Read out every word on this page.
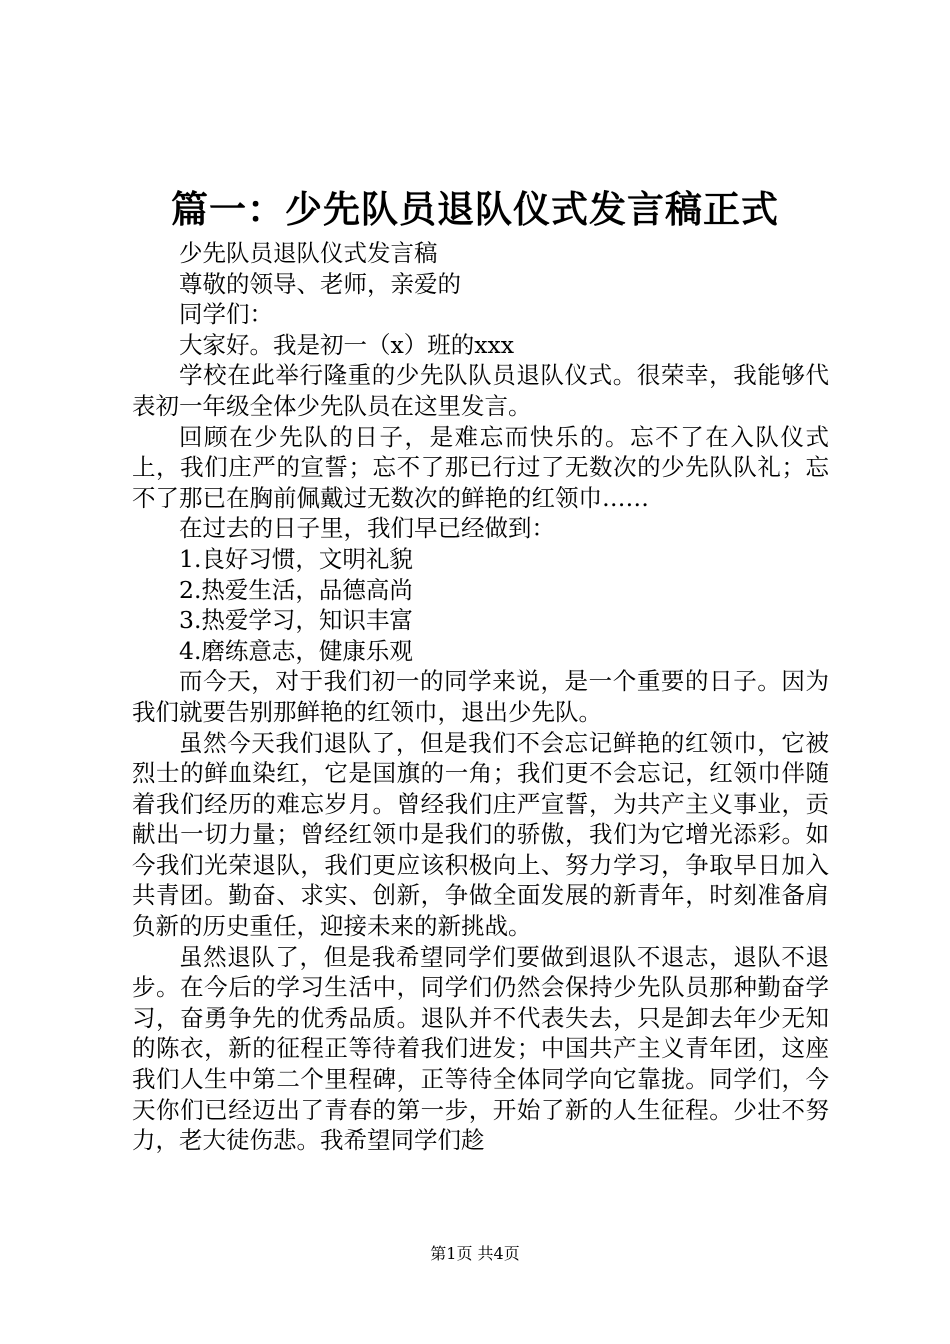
篇一：少先队员退队仪式发言稿正式

少先队员退队仪式发言稿

尊敬的领导、老师，亲爱的

同学们：

大家好。我是初一（x）班的xxx

学校在此举行隆重的少先队队员退队仪式。很荣幸，我能够代表初一年级全体少先队员在这里发言。

回顾在少先队的日子，是难忘而快乐的。忘不了在入队仪式上，我们庄严的宣誓；忘不了那已行过了无数次的少先队队礼；忘不了那已在胸前佩戴过无数次的鲜艳的红领巾……

在过去的日子里，我们早已经做到：

1.良好习惯，文明礼貌

2.热爱生活，品德高尚

3.热爱学习，知识丰富

4.磨练意志，健康乐观

而今天，对于我们初一的同学来说，是一个重要的日子。因为我们就要告别那鲜艳的红领巾，退出少先队。

虽然今天我们退队了，但是我们不会忘记鲜艳的红领巾，它被烈士的鲜血染红，它是国旗的一角；我们更不会忘记，红领巾伴随着我们经历的难忘岁月。曾经我们庄严宣誓，为共产主义事业，贡献出一切力量；曾经红领巾是我们的骄傲，我们为它增光添彩。如今我们光荣退队，我们更应该积极向上、努力学习，争取早日加入共青团。勤奋、求实、创新，争做全面发展的新青年，时刻准备肩负新的历史重任，迎接未来的新挑战。

虽然退队了，但是我希望同学们要做到退队不退志，退队不退步。在今后的学习生活中，同学们仍然会保持少先队员那种勤奋学习，奋勇争先的优秀品质。退队并不代表失去，只是卸去年少无知的陈衣，新的征程正等待着我们进发；中国共产主义青年团，这座我们人生中第二个里程碑，正等待全体同学向它靠拢。同学们，今天你们已经迈出了青春的第一步，开始了新的人生征程。少壮不努力，老大徒伤悲。我希望同学们趁

第1页 共4页
